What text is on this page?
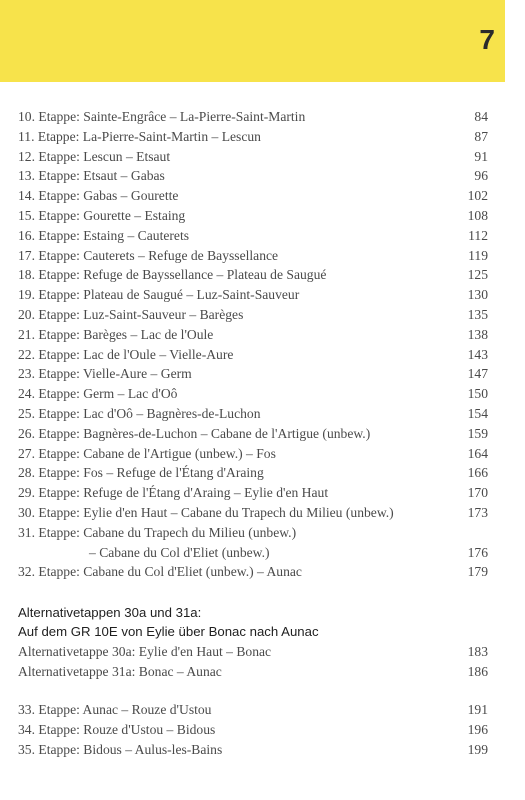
7
10. Etappe: Sainte-Engrâce – La-Pierre-Saint-Martin	84
11. Etappe: La-Pierre-Saint-Martin – Lescun	87
12. Etappe: Lescun – Etsaut	91
13. Etappe: Etsaut – Gabas	96
14. Etappe: Gabas – Gourette	102
15. Etappe: Gourette – Estaing	108
16. Etappe: Estaing – Cauterets	112
17. Etappe: Cauterets – Refuge de Bayssellance	119
18. Etappe: Refuge de Bayssellance – Plateau de Saugué	125
19. Etappe: Plateau de Saugué – Luz-Saint-Sauveur	130
20. Etappe: Luz-Saint-Sauveur – Barèges	135
21. Etappe: Barèges – Lac de l'Oule	138
22. Etappe: Lac de l'Oule – Vielle-Aure	143
23. Etappe: Vielle-Aure – Germ	147
24. Etappe: Germ – Lac d'Oô	150
25. Etappe: Lac d'Oô – Bagnères-de-Luchon	154
26. Etappe: Bagnères-de-Luchon – Cabane de l'Artigue (unbew.)	159
27. Etappe: Cabane de l'Artigue (unbew.) – Fos	164
28. Etappe: Fos – Refuge de l'Étang d'Araing	166
29. Etappe: Refuge de l'Étang d'Araing – Eylie d'en Haut	170
30. Etappe: Eylie d'en Haut – Cabane du Trapech du Milieu (unbew.)	173
31. Etappe: Cabane du Trapech du Milieu (unbew.)
– Cabane du Col d'Eliet (unbew.)	176
32. Etappe: Cabane du Col d'Eliet (unbew.) – Aunac	179
Alternativetappen 30a und 31a:
Auf dem GR 10E von Eylie über Bonac nach Aunac
Alternativetappe 30a: Eylie d'en Haut – Bonac	183
Alternativetappe 31a: Bonac – Aunac	186
33. Etappe: Aunac – Rouze d'Ustou	191
34. Etappe: Rouze d'Ustou – Bidous	196
35. Etappe: Bidous – Aulus-les-Bains	199
